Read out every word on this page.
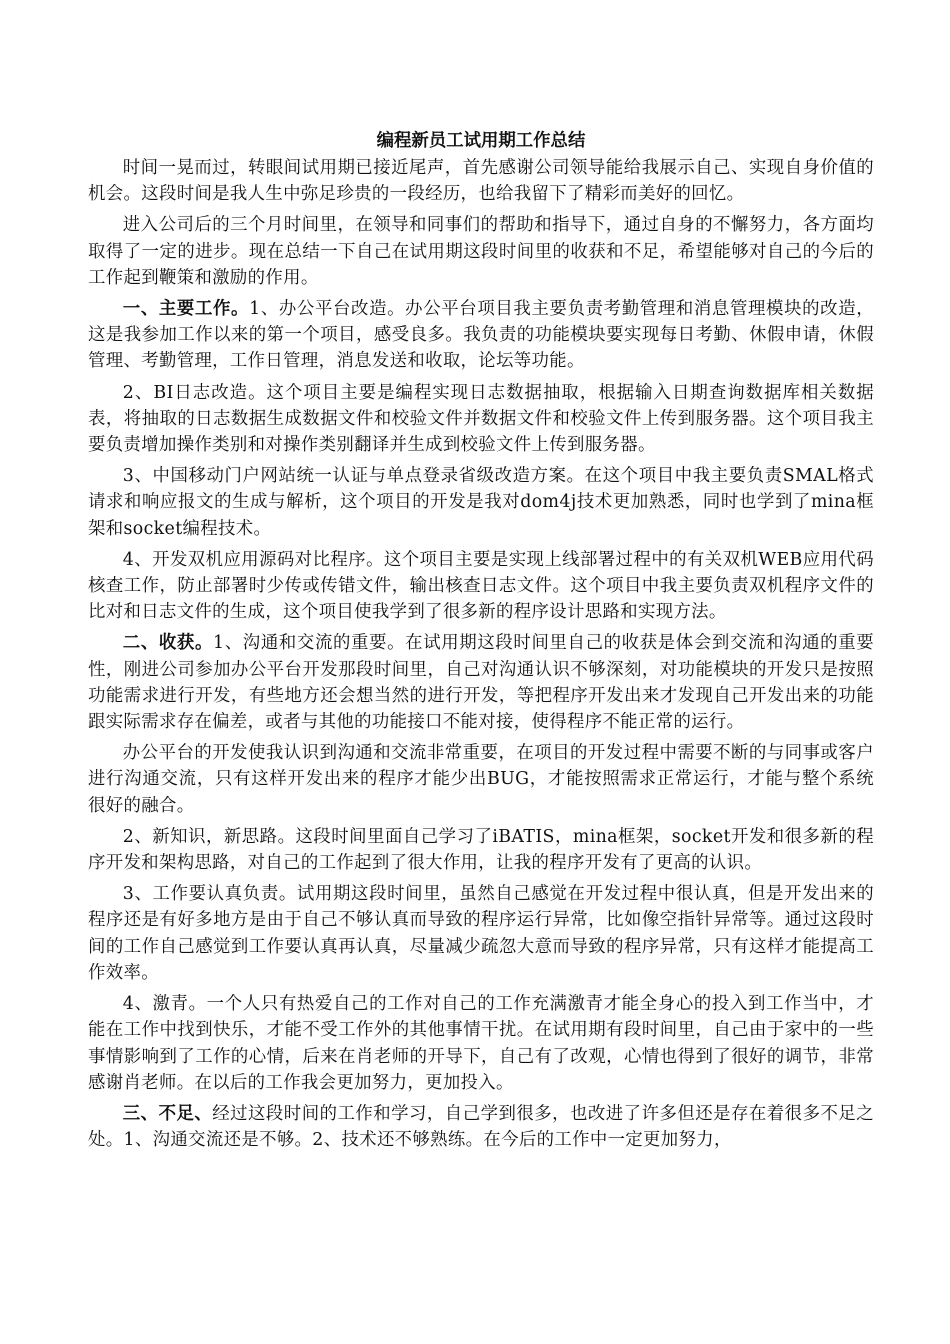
编程新员工试用期工作总结

时间一晃而过，转眼间试用期已接近尾声，首先感谢公司领导能给我展示自己、实现自身价值的机会。这段时间是我人生中弥足珍贵的一段经历，也给我留下了精彩而美好的回忆。

进入公司后的三个月时间里，在领导和同事们的帮助和指导下，通过自身的不懈努力，各方面均取得了一定的进步。现在总结一下自己在试用期这段时间里的收获和不足，希望能够对自己的今后的工作起到鞭策和激励的作用。

一、主要工作。1、办公平台改造。办公平台项目我主要负责考勤管理和消息管理模块的改造，这是我参加工作以来的第一个项目，感受良多。我负责的功能模块要实现每日考勤、休假申请，休假管理、考勤管理，工作日管理，消息发送和收取，论坛等功能。

2、BI日志改造。这个项目主要是编程实现日志数据抽取，根据输入日期查询数据库相关数据表，将抽取的日志数据生成数据文件和校验文件并数据文件和校验文件上传到服务器。这个项目我主要负责增加操作类别和对操作类别翻译并生成到校验文件上传到服务器。

3、中国移动门户网站统一认证与单点登录省级改造方案。在这个项目中我主要负责SMAL格式请求和响应报文的生成与解析，这个项目的开发是我对dom4j技术更加熟悉，同时也学到了mina框架和socket编程技术。

4、开发双机应用源码对比程序。这个项目主要是实现上线部署过程中的有关双机WEB应用代码核查工作，防止部署时少传或传错文件，输出核查日志文件。这个项目中我主要负责双机程序文件的比对和日志文件的生成，这个项目使我学到了很多新的程序设计思路和实现方法。

二、收获。1、沟通和交流的重要。在试用期这段时间里自己的收获是体会到交流和沟通的重要性，刚进公司参加办公平台开发那段时间里，自己对沟通认识不够深刻，对功能模块的开发只是按照功能需求进行开发，有些地方还会想当然的进行开发，等把程序开发出来才发现自己开发出来的功能跟实际需求存在偏差，或者与其他的功能接口不能对接，使得程序不能正常的运行。

办公平台的开发使我认识到沟通和交流非常重要，在项目的开发过程中需要不断的与同事或客户进行沟通交流，只有这样开发出来的程序才能少出BUG，才能按照需求正常运行，才能与整个系统很好的融合。

2、新知识，新思路。这段时间里面自己学习了iBATIS，mina框架，socket开发和很多新的程序开发和架构思路，对自己的工作起到了很大作用，让我的程序开发有了更高的认识。

3、工作要认真负责。试用期这段时间里，虽然自己感觉在开发过程中很认真，但是开发出来的程序还是有好多地方是由于自己不够认真而导致的程序运行异常，比如像空指针异常等。通过这段时间的工作自己感觉到工作要认真再认真，尽量减少疏忽大意而导致的程序异常，只有这样才能提高工作效率。

4、激青。一个人只有热爱自己的工作对自己的工作充满激青才能全身心的投入到工作当中，才能在工作中找到快乐，才能不受工作外的其他事情干扰。在试用期有段时间里，自己由于家中的一些事情影响到了工作的心情，后来在肖老师的开导下，自己有了改观，心情也得到了很好的调节，非常感谢肖老师。在以后的工作我会更加努力，更加投入。

三、不足、经过这段时间的工作和学习，自己学到很多，也改进了许多但还是存在着很多不足之处。1、沟通交流还是不够。2、技术还不够熟练。在今后的工作中一定更加努力，
